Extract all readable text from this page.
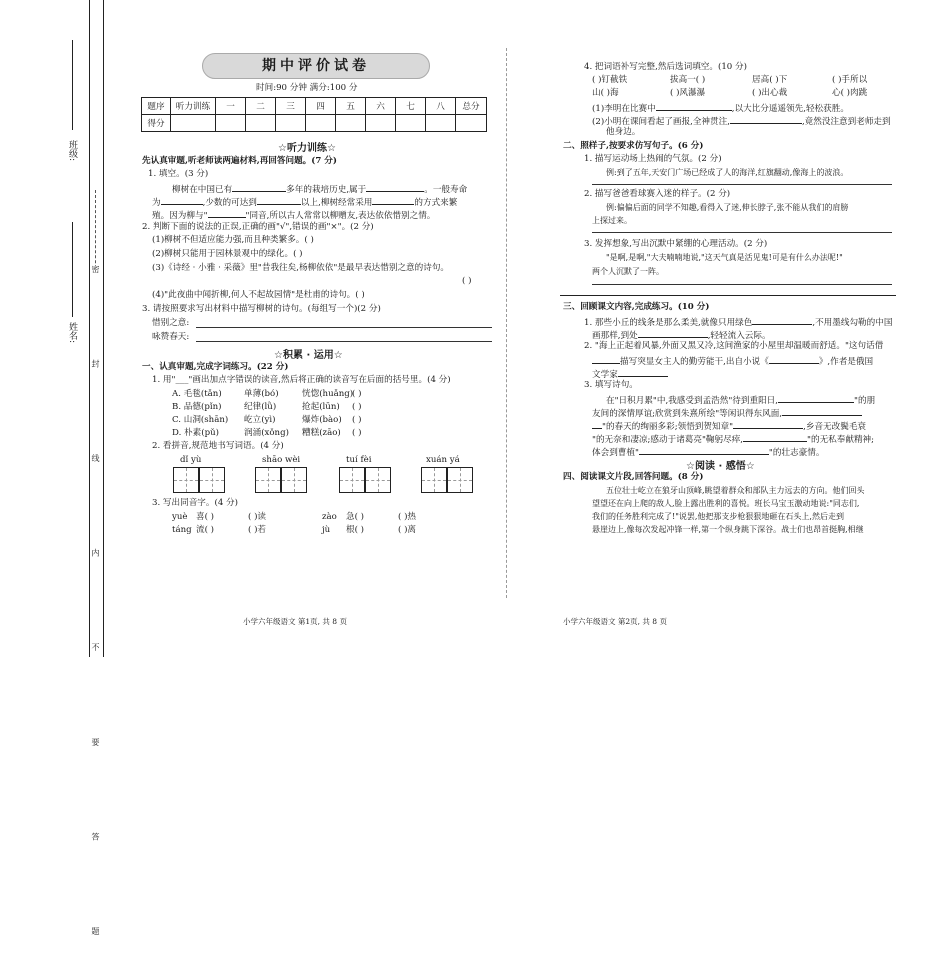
班级:
姓名: 密 封 线 内 不 要 答 题
期中评价试卷
时间:90 分钟 满分:100 分
题序	听力训练	一	二	三	四	五	六	七	八	总分
得分										
☆听力训练☆
先认真审题,听老师读两遍材料,再回答问题。(7 分)
1. 填空。(3 分)
柳树在中国已有	多年的栽培历史,属于	。一般寿命
为	,少数的可达到	以上,柳树经常采用	的方式来繁
殖。因为柳与"	"同音,所以古人常常以柳赠友,表达依依惜别之情。
2. 判断下面的说法的正误,正确的画"√",错误的画"×"。(2 分)
(1)柳树不但适应能力强,而且种类繁多。( )
(2)柳树只能用于园林景观中的绿化。( )
(3)《诗经 · 小雅 · 采薇》里"昔我往矣,杨柳依依"是最早表达惜别之意的诗句。
( )
(4)"此夜曲中闻折柳,何人不起故园情"是杜甫的诗句。( )
3. 请按照要求写出材料中描写柳树的诗句。(每组写一个)(2 分)
惜别之意:
咏赞春天:
☆积累 · 运用☆
一、认真审题,完成字词练习。(22 分)
1. 用"___"画出加点字错误的读音,然后将正确的读音写在后面的括号里。(4 分)
A. 毛毯(tǎn)	单薄(bó)	恍惚(huǎng)( )
B. 品德(pǐn)	纪律(lǜ)	抢起(lūn) ( )
C. 山洞(shān) 屹立(yì)	爆炸(bào) ( )
D. 朴素(pǔ)	润涌(xǒng) 糟糕(zāo) ( )
2. 看拼音,规范地书写词语。(4 分)
dǐ yù	shāo wèi	tuí fèi	xuán yá
3. 写出同音字。(4 分)
yuè 喜( )	( )读	zào 急( )	( )热
táng 流( )	( )若	jù 根( )	( )离
小学六年级语文 第1页, 共 8 页
4. 把词语补写完整,然后选词填空。(10 分)
( )钉截铁	拔高一( )	居高( )下	( )手所以
山( )海	( )风瀑瀑	( )出心裁	心( )肉跳
(1)李明在比赛中	,以大比分遥遥领先,轻松获胜。
(2)小明在课间看起了画报,全神贯注,	,竟然没注意到老师走到
他身边。
二、照样子,按要求仿写句子。(6 分)
1. 描写运动场上热闹的气氛。(2 分)
例:到了五年,天安门广场已经成了人的海洋,红旗翻动,像海上的波浪。
2. 描写爸爸看球赛入迷的样子。(2 分)
例:偏偏后面的同学不知趣,看得入了迷,伸长脖子,张不能从我们的肩膀
上探过来。
3. 发挥想象,写出沉默中紧绷的心理活动。(2 分)
"是啊,是啊,"大夫喃喃地说,"这天气真是活见鬼!可是有什么办法呢!"
两个人沉默了一阵。
三、回顾课文内容,完成练习。(10 分)
1. 那些小丘的线条是那么柔美,就像只用绿色	,不用墨线勾勒的中国
画那样,到处	,轻轻流入云际。
2. "海上正起着风暴,外面又黑又冷,这间渔家的小屋里却温暖而舒适。"这句话借
描写突显女主人的勤劳能干,出自小说《	》,作者是俄国
文学家
3. 填写诗句。
在"日积月累"中,我感受到孟浩然"待到重阳日,	"的朋
友间的深情厚谊;欣赏到朱熹所绘"等闲识得东风面,
"的春天的绚丽多彩;领悟到贺知章"	,乡音无改鬓毛衰
"的无奈和凄凉;感动于诸葛亮"鞠躬尽瘁,	"的无私奉献精神;
体会到曹植"	"的壮志豪情。
☆阅读 · 感悟☆
四、阅读课文片段,回答问题。(8 分)
五位壮士屹立在狼牙山顶峰,眺望着群众和部队主力远去的方向。他们回头
望望还在向上爬的敌人,脸上露出胜利的喜悦。班长马宝玉激动地说:"同志们,
我们的任务胜利完成了!"说罢,他把那支步枪狠狠地砸在石头上,然后走到
悬崖边上,像每次发起冲锋一样,第一个纵身跳下深谷。战士们也昂首挺胸,相继
小学六年级语文 第2页, 共 8 页
